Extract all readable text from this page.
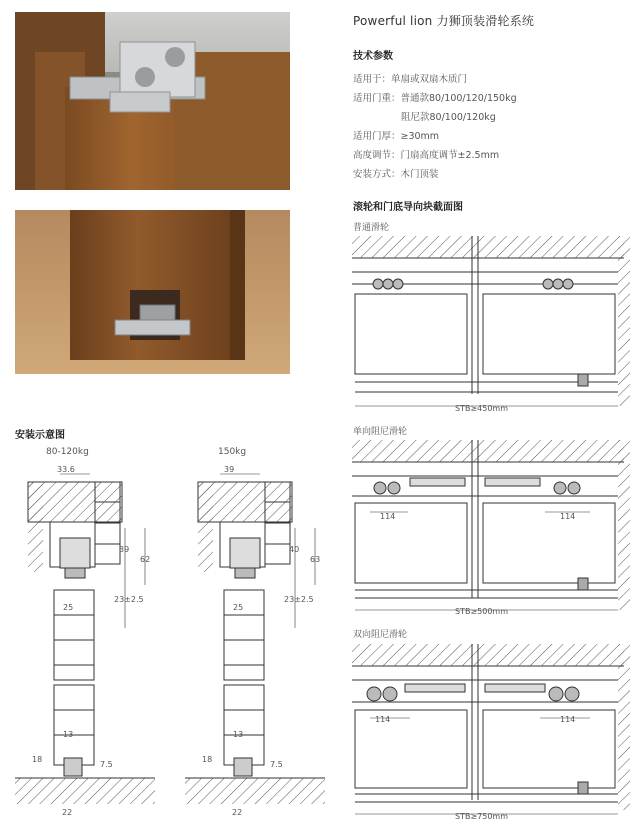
Powerful lion 力狮顶装滑轮系统
技术参数
适用于：单扇或双扇木质门
适用门重：普通款80/100/120/150kg
阻尼款80/100/120kg
适用门厚：≥30mm
高度调节：门扇高度调节±2.5mm
安装方式：木门顶装
滚轮和门底导向块截面图
普通滑轮
STB≥450mm
单向阻尼滑轮
114	114
STB≥500mm
双向阻尼滑轮
114	114
STB≥750mm
安装示意图
80-120kg	150kg
33.6
39
62
23±2.5
25
13
18
7.5
22
39
40
63
23±2.5
25
13
18
7.5
22
